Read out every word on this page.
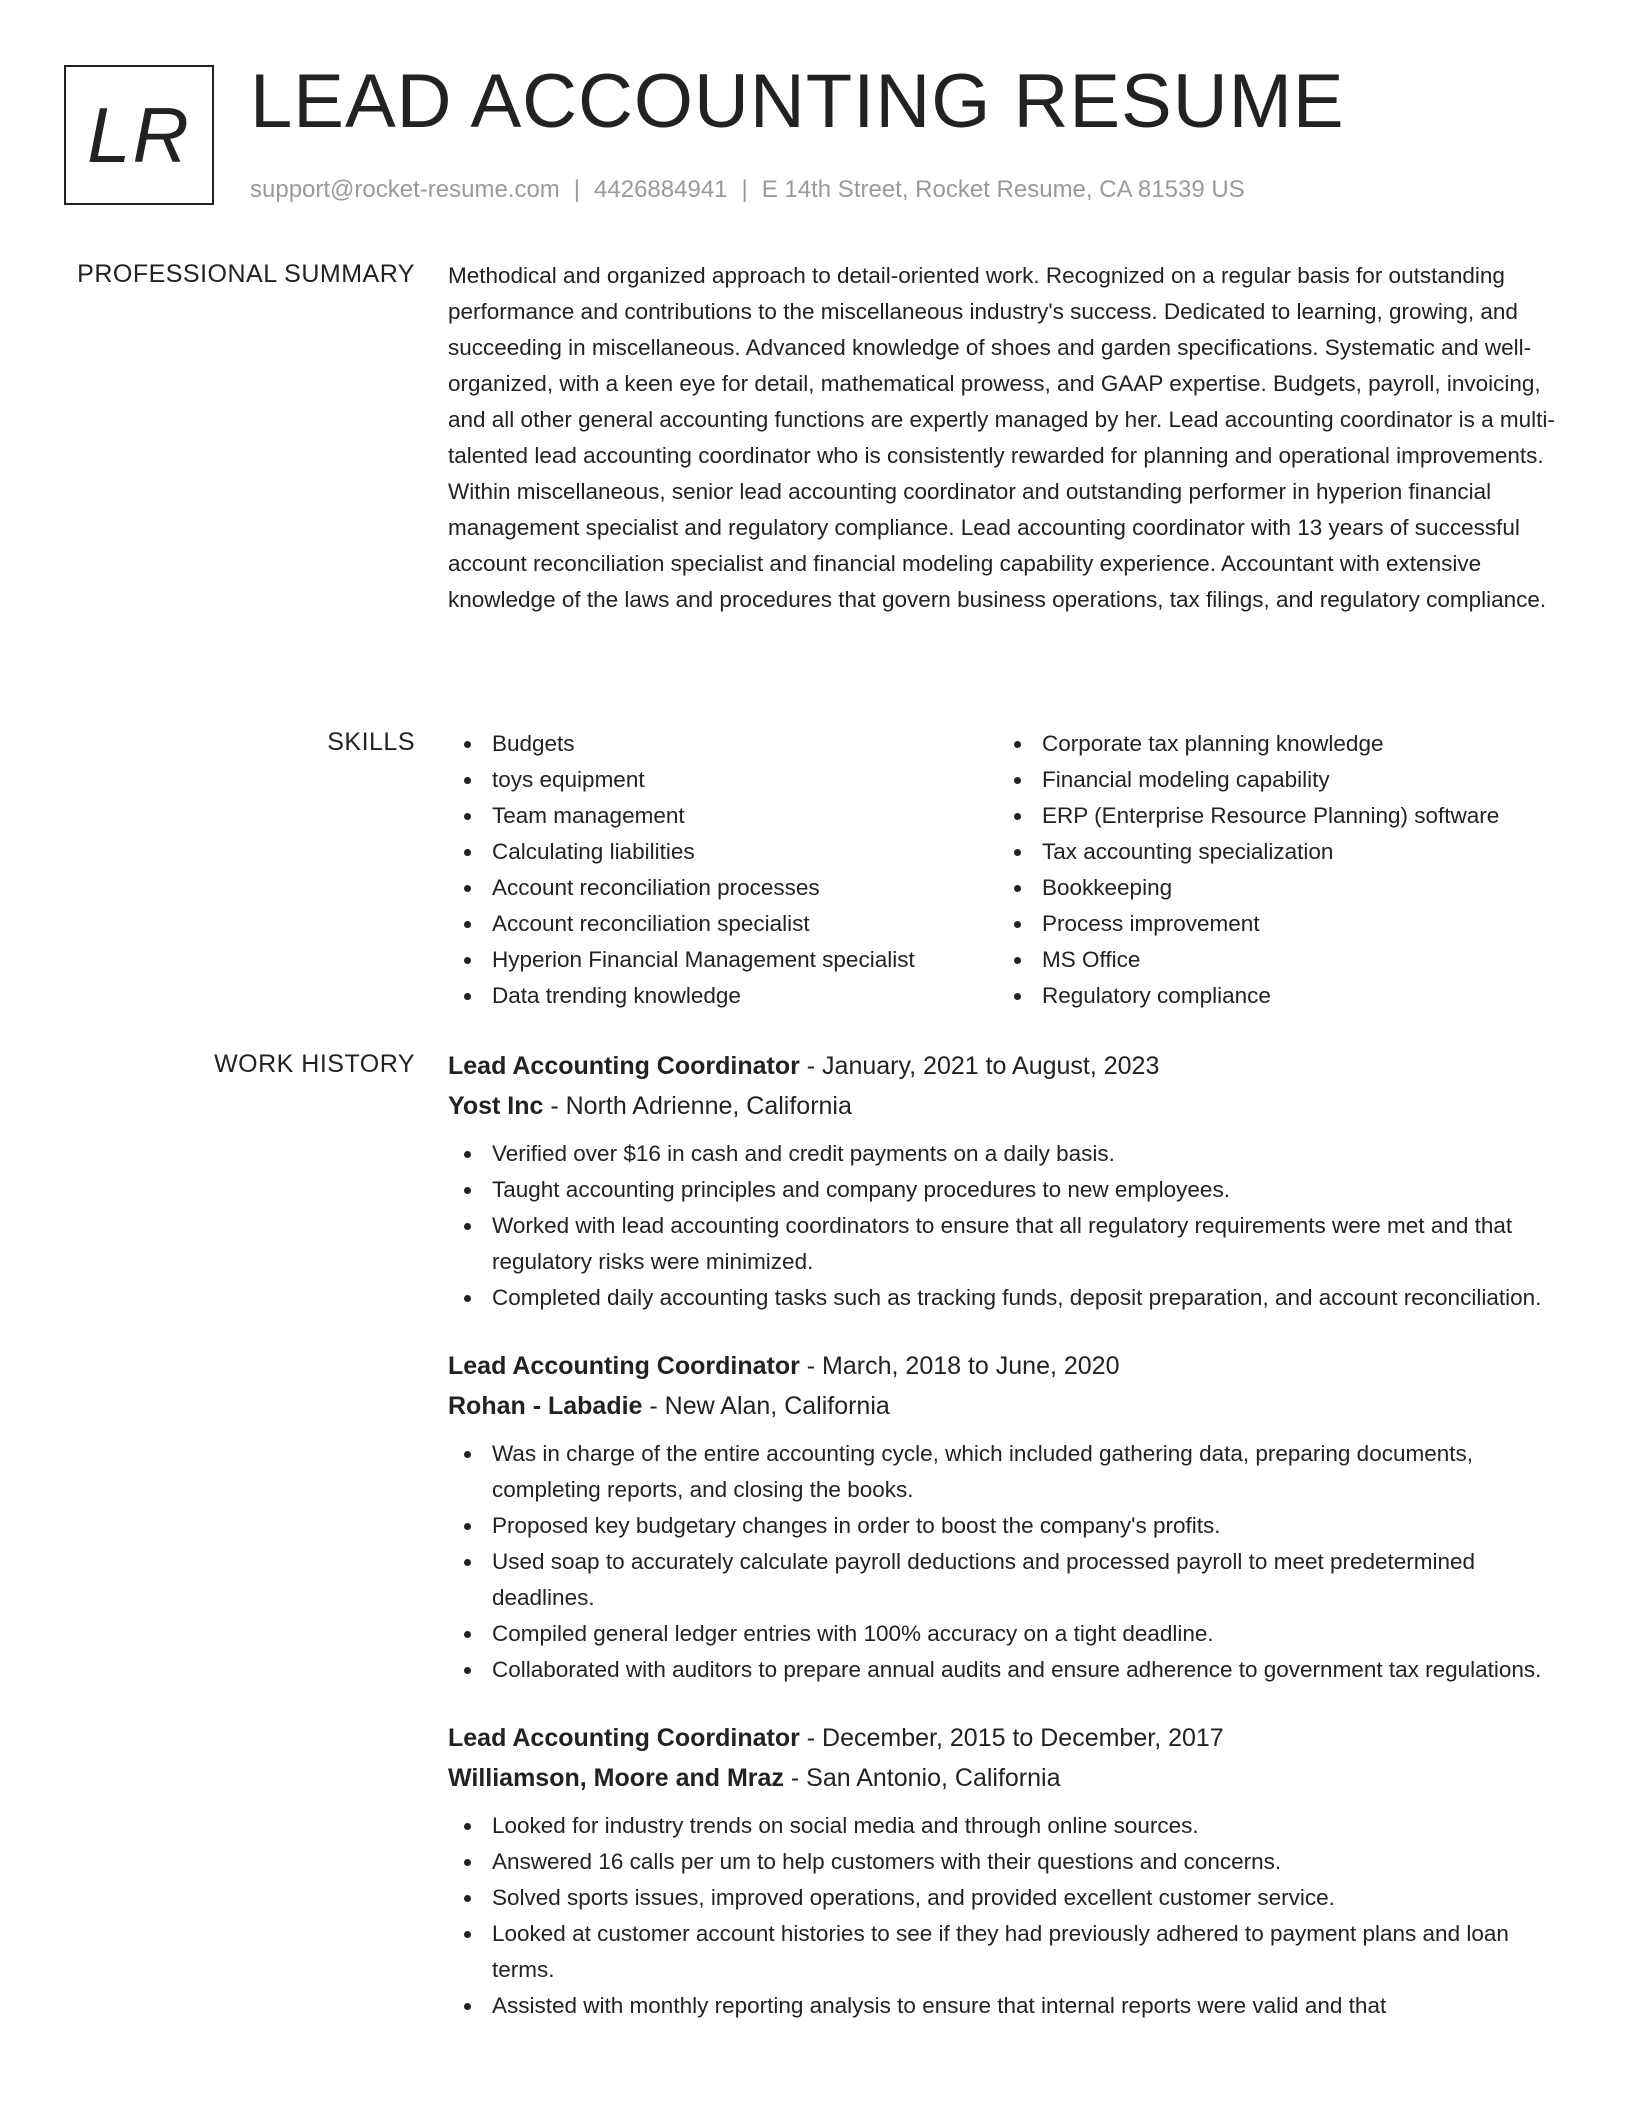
LR LEAD ACCOUNTING RESUME
support@rocket-resume.com | 4426884941 | E 14th Street, Rocket Resume, CA 81539 US
PROFESSIONAL SUMMARY Methodical and organized approach to detail-oriented work. Recognized on a regular basis for outstanding performance and contributions to the miscellaneous industry's success. Dedicated to learning, growing, and succeeding in miscellaneous. Advanced knowledge of shoes and garden specifications. Systematic and well-organized, with a keen eye for detail, mathematical prowess, and GAAP expertise. Budgets, payroll, invoicing, and all other general accounting functions are expertly managed by her. Lead accounting coordinator is a multi-talented lead accounting coordinator who is consistently rewarded for planning and operational improvements. Within miscellaneous, senior lead accounting coordinator and outstanding performer in hyperion financial management specialist and regulatory compliance. Lead accounting coordinator with 13 years of successful account reconciliation specialist and financial modeling capability experience. Accountant with extensive knowledge of the laws and procedures that govern business operations, tax filings, and regulatory compliance.

SKILLS	Budgets
toys equipment
Team management
Calculating liabilities
Account reconciliation processes
Account reconciliation specialist
Hyperion Financial Management specialist
Data trending knowledge
Corporate tax planning knowledge
Financial modeling capability
ERP (Enterprise Resource Planning) software
Tax accounting specialization
Bookkeeping
Process improvement
MS Office
Regulatory compliance
WORK HISTORY Lead Accounting Coordinator - January, 2021 to August, 2023
Yost Inc - North Adrienne, California
Verified over $16 in cash and credit payments on a daily basis.
Taught accounting principles and company procedures to new employees.
Worked with lead accounting coordinators to ensure that all regulatory requirements were met and that regulatory risks were minimized.
Completed daily accounting tasks such as tracking funds, deposit preparation, and account reconciliation.
Lead Accounting Coordinator - March, 2018 to June, 2020
Rohan - Labadie - New Alan, California
Was in charge of the entire accounting cycle, which included gathering data, preparing documents, completing reports, and closing the books.
Proposed key budgetary changes in order to boost the company's profits.
Used soap to accurately calculate payroll deductions and processed payroll to meet predetermined deadlines.
Compiled general ledger entries with 100% accuracy on a tight deadline.
Collaborated with auditors to prepare annual audits and ensure adherence to government tax regulations.
Lead Accounting Coordinator - December, 2015 to December, 2017
Williamson, Moore and Mraz - San Antonio, California
Looked for industry trends on social media and through online sources.
Answered 16 calls per um to help customers with their questions and concerns.
Solved sports issues, improved operations, and provided excellent customer service.
Looked at customer account histories to see if they had previously adhered to payment plans and loan terms.
Assisted with monthly reporting analysis to ensure that internal reports were valid and that
